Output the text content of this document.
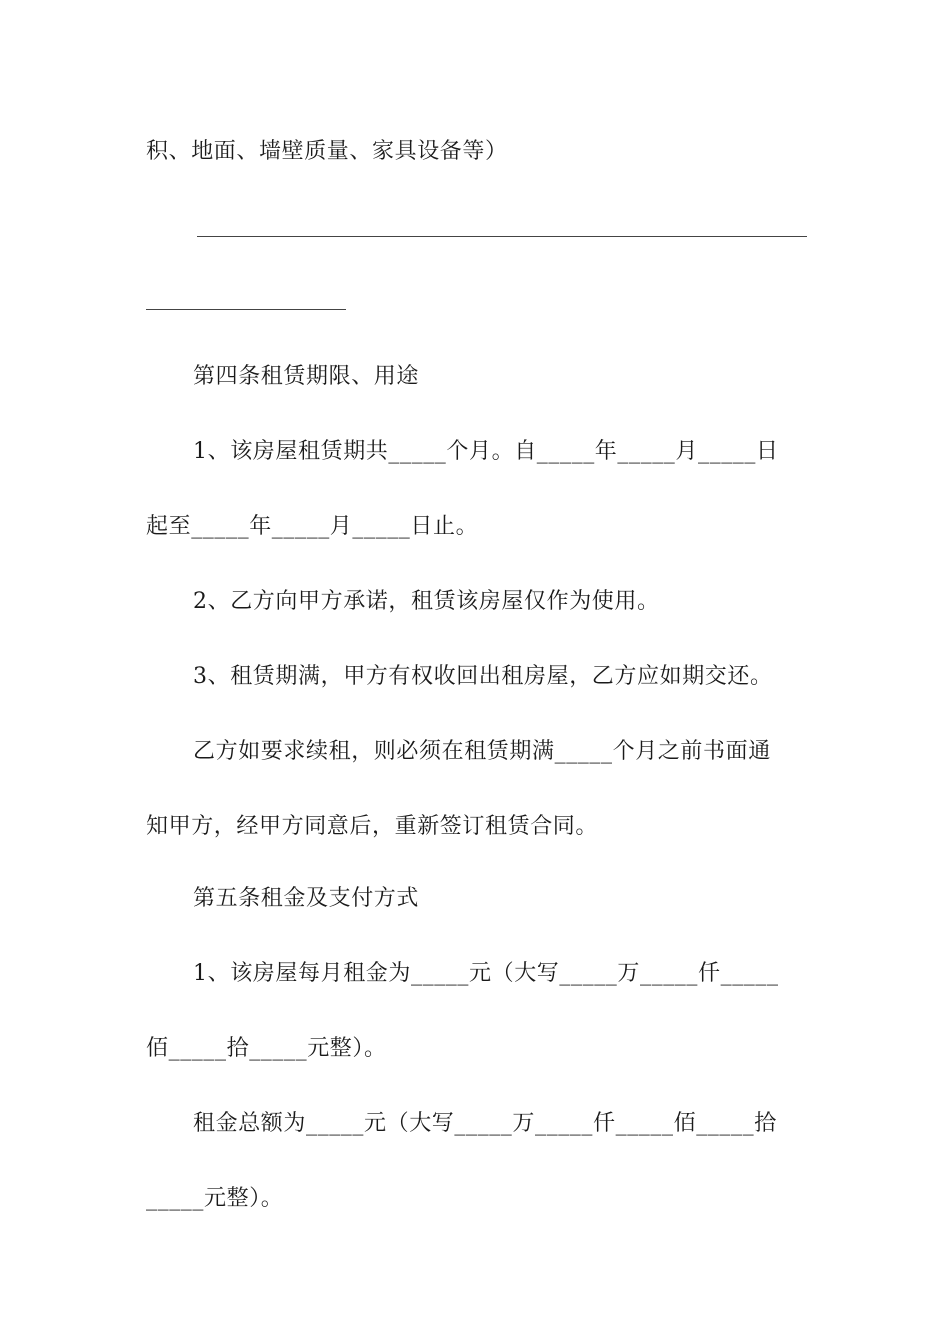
积、地面、墙壁质量、家具设备等）
第四条租赁期限、用途
1、该房屋租赁期共_____个月。自_____年_____月_____日
起至_____年_____月_____日止。
2、乙方向甲方承诺，租赁该房屋仅作为使用。
3、租赁期满，甲方有权收回出租房屋，乙方应如期交还。
乙方如要求续租，则必须在租赁期满_____个月之前书面通
知甲方，经甲方同意后，重新签订租赁合同。
第五条租金及支付方式
1、该房屋每月租金为_____元（大写_____万_____仟_____
佰_____拾_____元整）。
租金总额为_____元（大写_____万_____仟_____佰_____拾
_____元整）。
